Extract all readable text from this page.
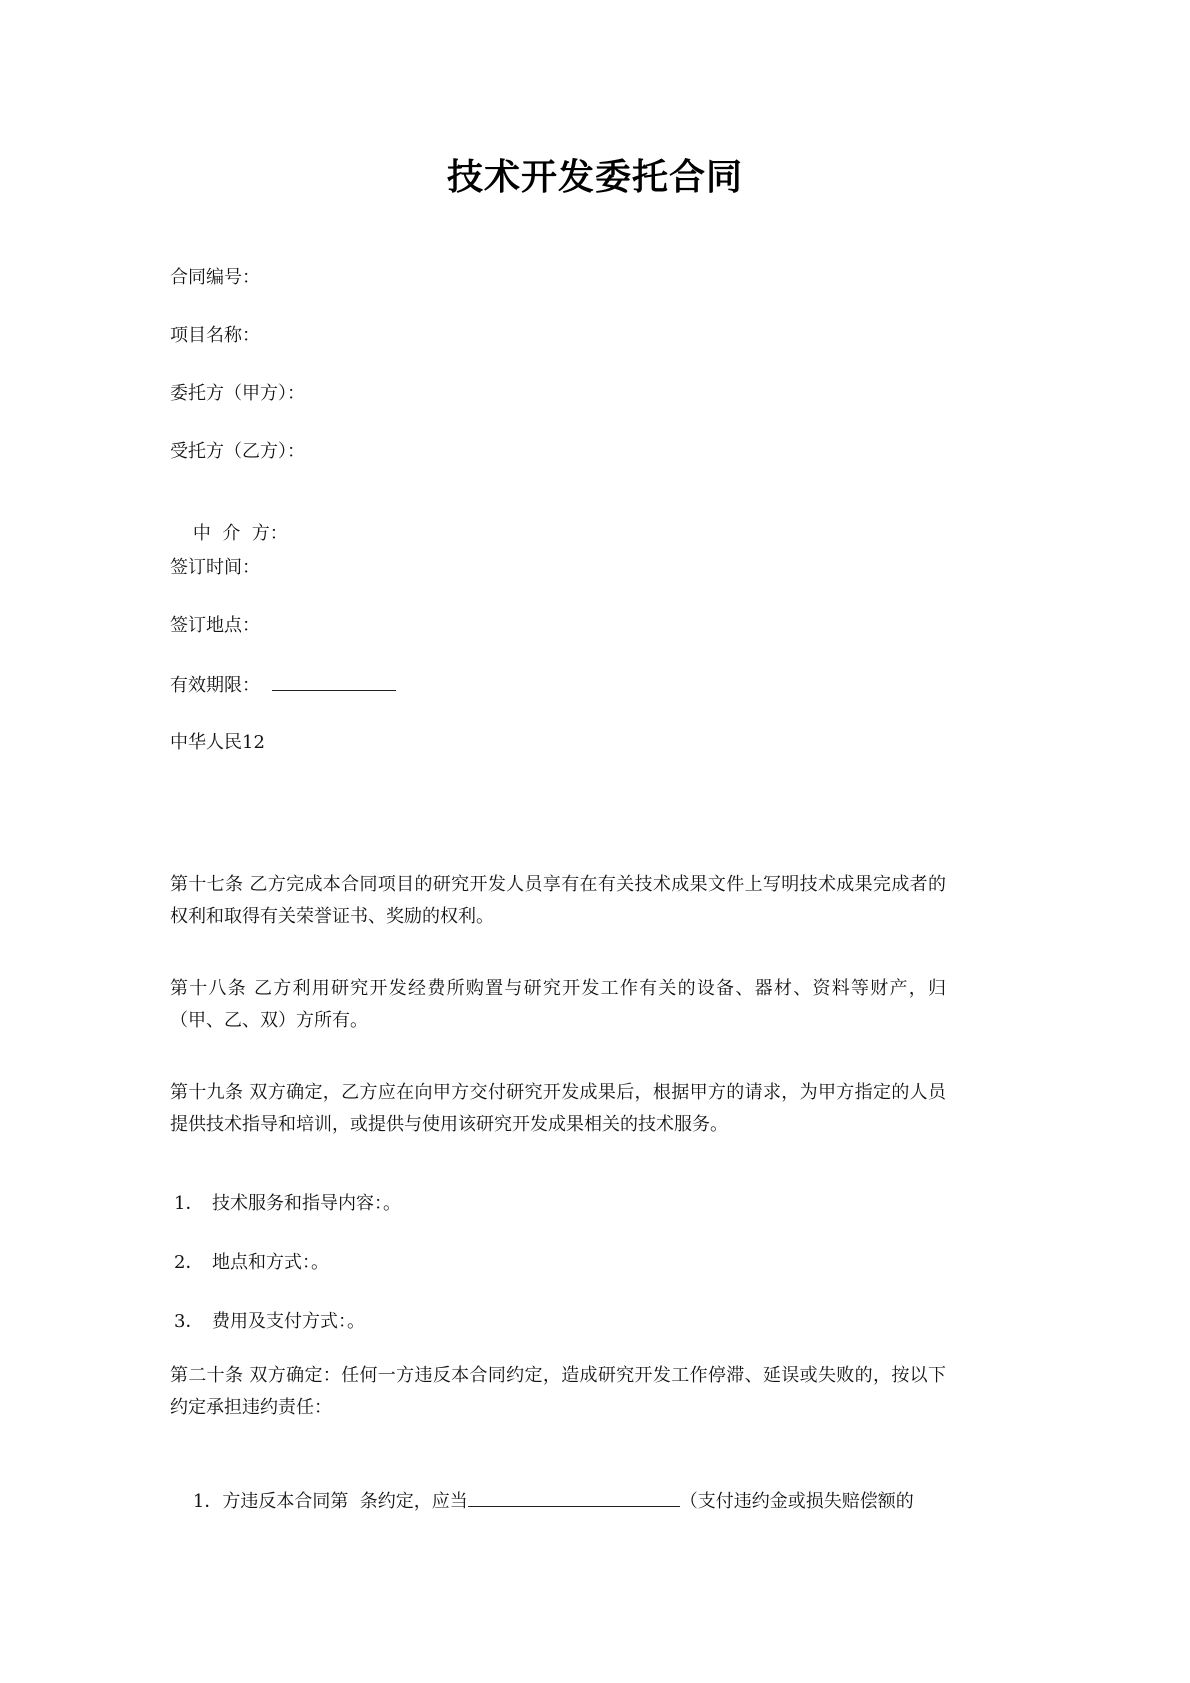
技术开发委托合同
合同编号：
项目名称：
委托方（甲方）：
受托方（乙方）：

中  介  方：

签订时间：
签订地点：
有效期限：
中华人民12
第十七条 乙方完成本合同项目的研究开发人员享有在有关技术成果文件上写明技术成果完成者的权利和取得有关荣誉证书、奖励的权利。
第十八条 乙方利用研究开发经费所购置与研究开发工作有关的设备、器材、资料等财产，归 （甲、乙、双）方所有。
第十九条 双方确定，乙方应在向甲方交付研究开发成果后，根据甲方的请求，为甲方指定的人员提供技术指导和培训，或提供与使用该研究开发成果相关的技术服务。
1． 技术服务和指导内容：。
2． 地点和方式：。
3． 费用及支付方式：。
第二十条 双方确定：任何一方违反本合同约定，造成研究开发工作停滞、延误或失败的，按以下约定承担违约责任：

1．方违反本合同第  条约定，应当	（支付违约金或损失赔偿额的
